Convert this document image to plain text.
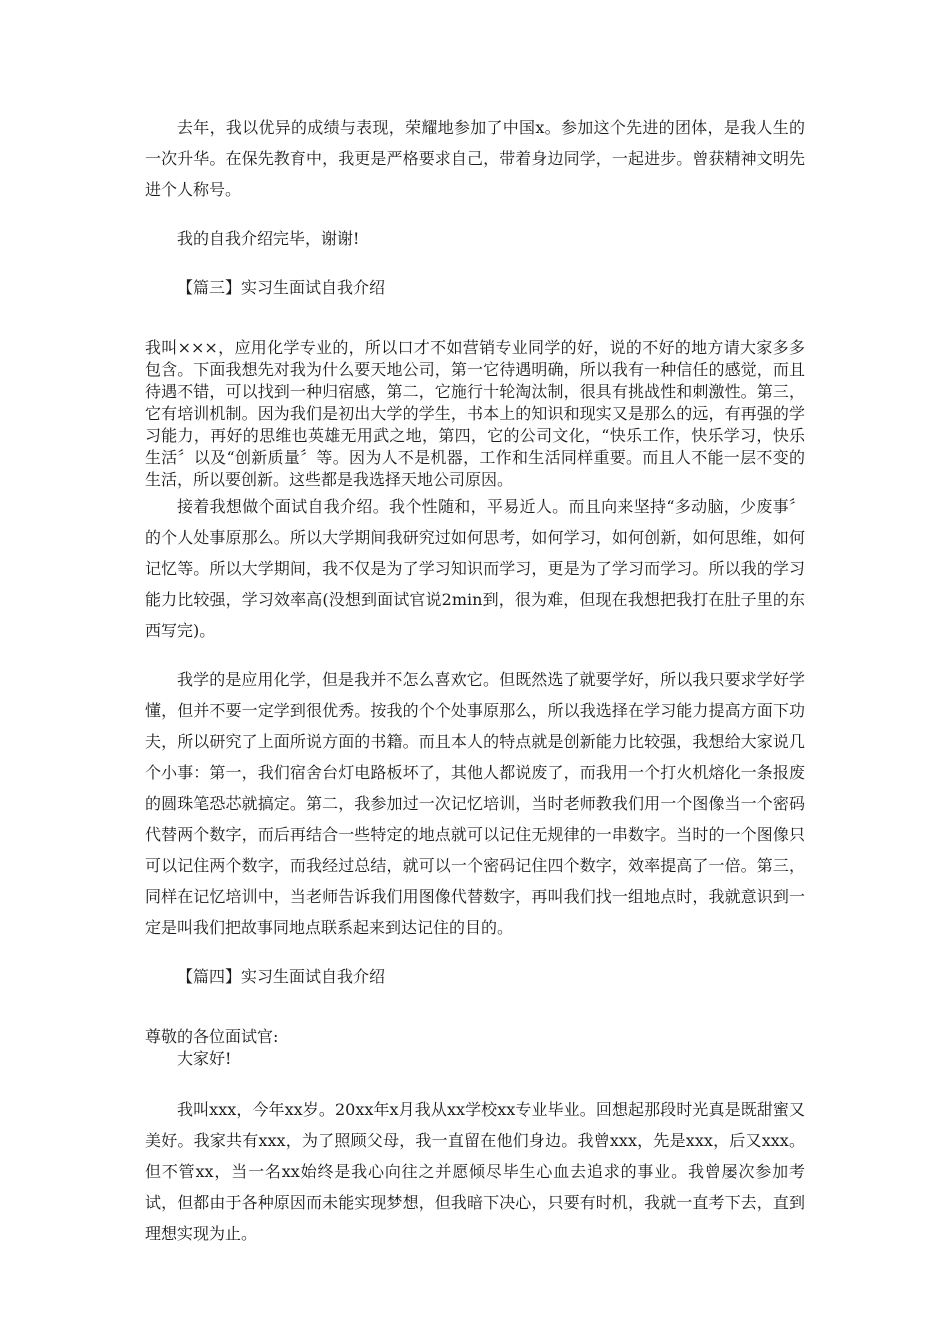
去年，我以优异的成绩与表现，荣耀地参加了中国x。参加这个先进的团体，是我人生的一次升华。在保先教育中，我更是严格要求自己，带着身边同学，一起进步。曾获精神文明先进个人称号。

我的自我介绍完毕，谢谢!

【篇三】实习生面试自我介绍

我叫×××，应用化学专业的，所以口才不如营销专业同学的好，说的不好的地方请大家多多包含。下面我想先对我为什么要天地公司，第一它待遇明确，所以我有一种信任的感觉，而且待遇不错，可以找到一种归宿感，第二，它施行十轮淘汰制，很具有挑战性和刺激性。第三，它有培训机制。因为我们是初出大学的学生，书本上的知识和现实又是那么的远，有再强的学习能力，再好的思维也英雄无用武之地，第四，它的公司文化，“快乐工作，快乐学习，快乐生活〞以及“创新质量〞等。因为人不是机器，工作和生活同样重要。而且人不能一层不变的生活，所以要创新。这些都是我选择天地公司原因。

接着我想做个面试自我介绍。我个性随和，平易近人。而且向来坚持“多动脑，少废事〞的个人处事原那么。所以大学期间我研究过如何思考，如何学习，如何创新，如何思维，如何记忆等。所以大学期间，我不仅是为了学习知识而学习，更是为了学习而学习。所以我的学习能力比较强，学习效率高(没想到面试官说2min到，很为难，但现在我想把我打在肚子里的东西写完)。

我学的是应用化学，但是我并不怎么喜欢它。但既然选了就要学好，所以我只要求学好学懂，但并不要一定学到很优秀。按我的个个处事原那么，所以我选择在学习能力提高方面下功夫，所以研究了上面所说方面的书籍。而且本人的特点就是创新能力比较强，我想给大家说几个小事：第一，我们宿舍台灯电路板坏了，其他人都说废了，而我用一个打火机熔化一条报废的圆珠笔恐芯就搞定。第二，我参加过一次记忆培训，当时老师教我们用一个图像当一个密码代替两个数字，而后再结合一些特定的地点就可以记住无规律的一串数字。当时的一个图像只可以记住两个数字，而我经过总结，就可以一个密码记住四个数字，效率提高了一倍。第三，同样在记忆培训中，当老师告诉我们用图像代替数字，再叫我们找一组地点时，我就意识到一定是叫我们把故事同地点联系起来到达记住的目的。

【篇四】实习生面试自我介绍

尊敬的各位面试官:

大家好!

我叫xxx，今年xx岁。20xx年x月我从xx学校xx专业毕业。回想起那段时光真是既甜蜜又美好。我家共有xxx，为了照顾父母，我一直留在他们身边。我曾xxx，先是xxx，后又xxx。但不管xx，当一名xx始终是我心向往之并愿倾尽毕生心血去追求的事业。我曾屡次参加考试，但都由于各种原因而未能实现梦想，但我暗下决心，只要有时机，我就一直考下去，直到理想实现为止。
